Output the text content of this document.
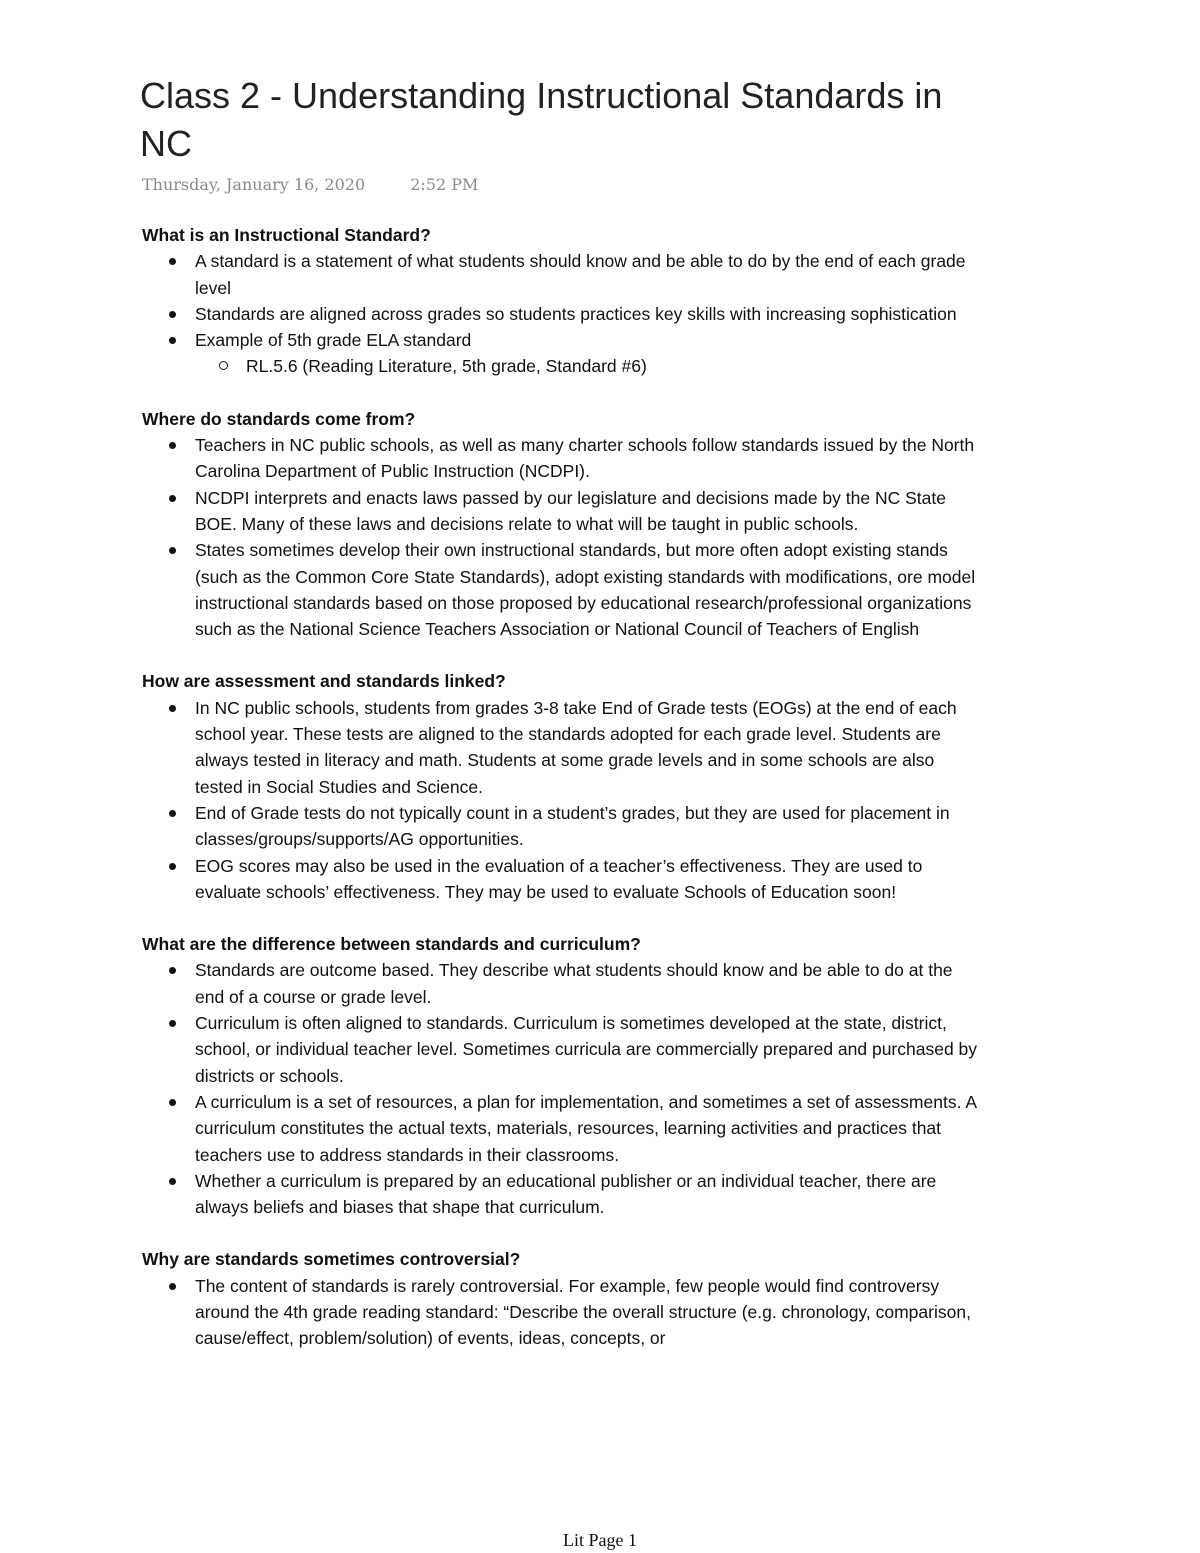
Class 2 - Understanding Instructional Standards in NC
Thursday, January 16, 2020	2:52 PM
What is an Instructional Standard?
A standard is a statement of what students should know and be able to do by the end of each grade level
Standards are aligned across grades so students practices key skills with increasing sophistication
Example of 5th grade ELA standard
RL.5.6 (Reading Literature, 5th grade, Standard #6)
Where do standards come from?
Teachers in NC public schools, as well as many charter schools follow standards issued by the North Carolina Department of Public Instruction (NCDPI).
NCDPI interprets and enacts laws passed by our legislature and decisions made by the NC State BOE. Many of these laws and decisions relate to what will be taught in public schools.
States sometimes develop their own instructional standards, but more often adopt existing stands (such as the Common Core State Standards), adopt existing standards with modifications, ore model instructional standards based on those proposed by educational research/professional organizations such as the National Science Teachers Association or National Council of Teachers of English
How are assessment and standards linked?
In NC public schools, students from grades 3-8 take End of Grade tests (EOGs) at the end of each school year. These tests are aligned to the standards adopted for each grade level. Students are always tested in literacy and math. Students at some grade levels and in some schools are also tested in Social Studies and Science.
End of Grade tests do not typically count in a student’s grades, but they are used for placement in classes/groups/supports/AG opportunities.
EOG scores may also be used in the evaluation of a teacher’s effectiveness. They are used to evaluate schools’ effectiveness. They may be used to evaluate Schools of Education soon!
What are the difference between standards and curriculum?
Standards are outcome based. They describe what students should know and be able to do at the end of a course or grade level.
Curriculum is often aligned to standards. Curriculum is sometimes developed at the state, district, school, or individual teacher level. Sometimes curricula are commercially prepared and purchased by districts or schools.
A curriculum is a set of resources, a plan for implementation, and sometimes a set of assessments. A curriculum constitutes the actual texts, materials, resources, learning activities and practices that teachers use to address standards in their classrooms.
Whether a curriculum is prepared by an educational publisher or an individual teacher, there are always beliefs and biases that shape that curriculum.
Why are standards sometimes controversial?
The content of standards is rarely controversial. For example, few people would find controversy around the 4th grade reading standard: “Describe the overall structure (e.g. chronology, comparison, cause/effect, problem/solution) of events, ideas, concepts, or
Lit Page 1
